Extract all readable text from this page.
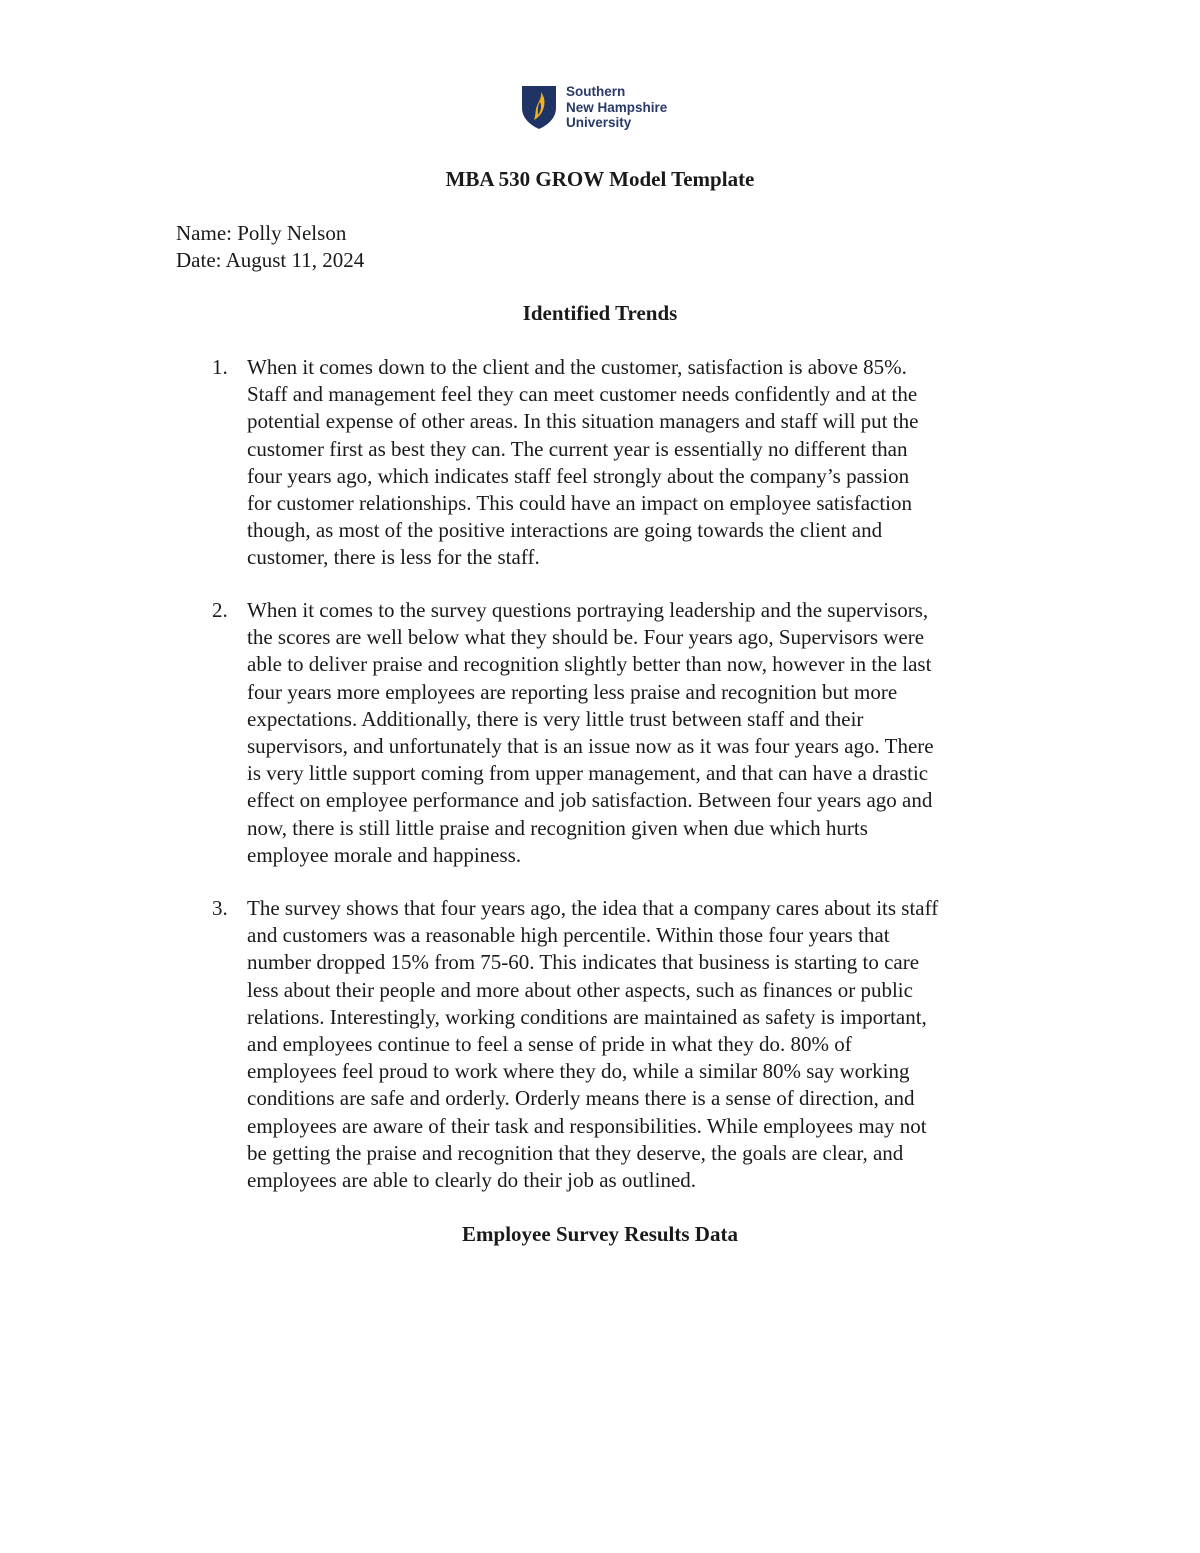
Southern
New Hampshire
University
MBA 530 GROW Model Template
Name: Polly Nelson
Date: August 11, 2024
Identified Trends
1. When it comes down to the client and the customer, satisfaction is above 85%.
Staff and management feel they can meet customer needs confidently and at the
potential expense of other areas. In this situation managers and staff will put the
customer first as best they can. The current year is essentially no different than
four years ago, which indicates staff feel strongly about the company’s passion
for customer relationships. This could have an impact on employee satisfaction
though, as most of the positive interactions are going towards the client and
customer, there is less for the staff.
2. When it comes to the survey questions portraying leadership and the supervisors,
the scores are well below what they should be. Four years ago, Supervisors were
able to deliver praise and recognition slightly better than now, however in the last
four years more employees are reporting less praise and recognition but more
expectations. Additionally, there is very little trust between staff and their
supervisors, and unfortunately that is an issue now as it was four years ago. There
is very little support coming from upper management, and that can have a drastic
effect on employee performance and job satisfaction. Between four years ago and
now, there is still little praise and recognition given when due which hurts
employee morale and happiness.
3. The survey shows that four years ago, the idea that a company cares about its staff
and customers was a reasonable high percentile. Within those four years that
number dropped 15% from 75-60. This indicates that business is starting to care
less about their people and more about other aspects, such as finances or public
relations. Interestingly, working conditions are maintained as safety is important,
and employees continue to feel a sense of pride in what they do. 80% of
employees feel proud to work where they do, while a similar 80% say working
conditions are safe and orderly. Orderly means there is a sense of direction, and
employees are aware of their task and responsibilities. While employees may not
be getting the praise and recognition that they deserve, the goals are clear, and
employees are able to clearly do their job as outlined.
Employee Survey Results Data
